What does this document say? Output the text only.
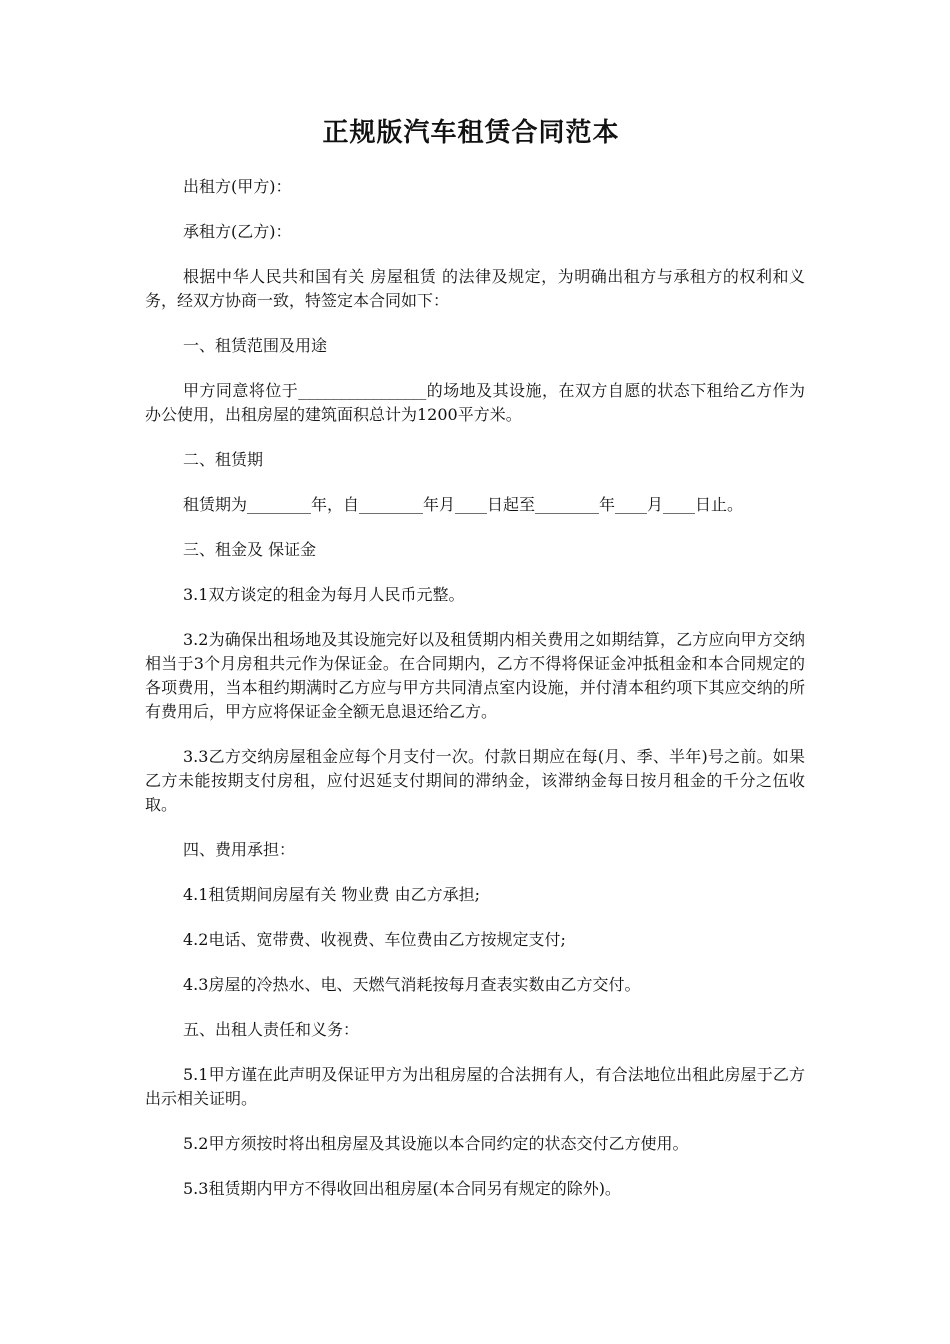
正规版汽车租赁合同范本

出租方(甲方)：

承租方(乙方)：

根据中华人民共和国有关 房屋租赁 的法律及规定，为明确出租方与承租方的权利和义务，经双方协商一致，特签定本合同如下：

一、租赁范围及用途

甲方同意将位于________________的场地及其设施，在双方自愿的状态下租给乙方作为办公使用，出租房屋的建筑面积总计为1200平方米。

二、租赁期

租赁期为________年，自________年月____日起至________年____月____日止。

三、租金及 保证金

3.1双方谈定的租金为每月人民币元整。

3.2为确保出租场地及其设施完好以及租赁期内相关费用之如期结算，乙方应向甲方交纳相当于3个月房租共元作为保证金。在合同期内，乙方不得将保证金冲抵租金和本合同规定的各项费用，当本租约期满时乙方应与甲方共同清点室内设施，并付清本租约项下其应交纳的所有费用后，甲方应将保证金全额无息退还给乙方。

3.3乙方交纳房屋租金应每个月支付一次。付款日期应在每(月、季、半年)号之前。如果乙方未能按期支付房租，应付迟延支付期间的滞纳金，该滞纳金每日按月租金的千分之伍收取。

四、费用承担：

4.1租赁期间房屋有关 物业费 由乙方承担;

4.2电话、宽带费、收视费、车位费由乙方按规定支付;

4.3房屋的冷热水、电、天燃气消耗按每月查表实数由乙方交付。

五、出租人责任和义务：

5.1甲方谨在此声明及保证甲方为出租房屋的合法拥有人，有合法地位出租此房屋于乙方出示相关证明。

5.2甲方须按时将出租房屋及其设施以本合同约定的状态交付乙方使用。

5.3租赁期内甲方不得收回出租房屋(本合同另有规定的除外)。
